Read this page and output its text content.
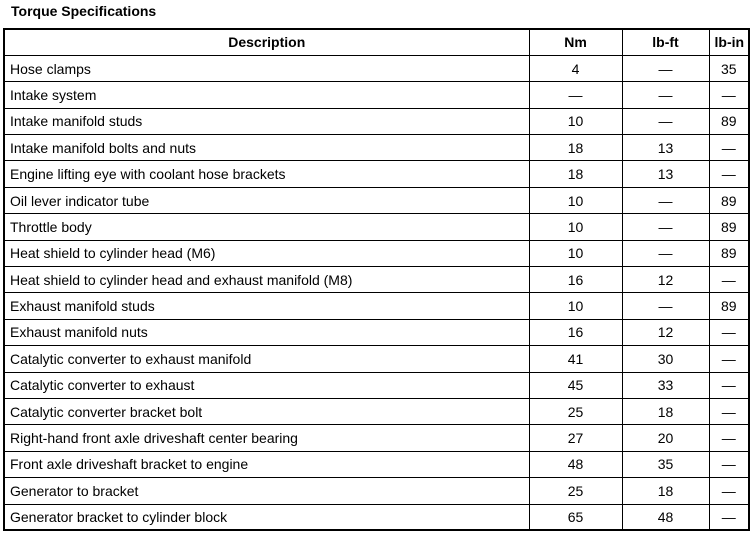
Torque Specifications
Description	Nm	lb-ft	lb-in
Hose clamps	4	—	35
Intake system	—	—	—
Intake manifold studs	10	—	89
Intake manifold bolts and nuts	18	13	—
Engine lifting eye with coolant hose brackets	18	13	—
Oil lever indicator tube	10	—	89
Throttle body	10	—	89
Heat shield to cylinder head (M6)	10	—	89
Heat shield to cylinder head and exhaust manifold (M8)	16	12	—
Exhaust manifold studs	10	—	89
Exhaust manifold nuts	16	12	—
Catalytic converter to exhaust manifold	41	30	—
Catalytic converter to exhaust	45	33	—
Catalytic converter bracket bolt	25	18	—
Right-hand front axle driveshaft center bearing	27	20	—
Front axle driveshaft bracket to engine	48	35	—
Generator to bracket	25	18	—
Generator bracket to cylinder block	65	48	—
